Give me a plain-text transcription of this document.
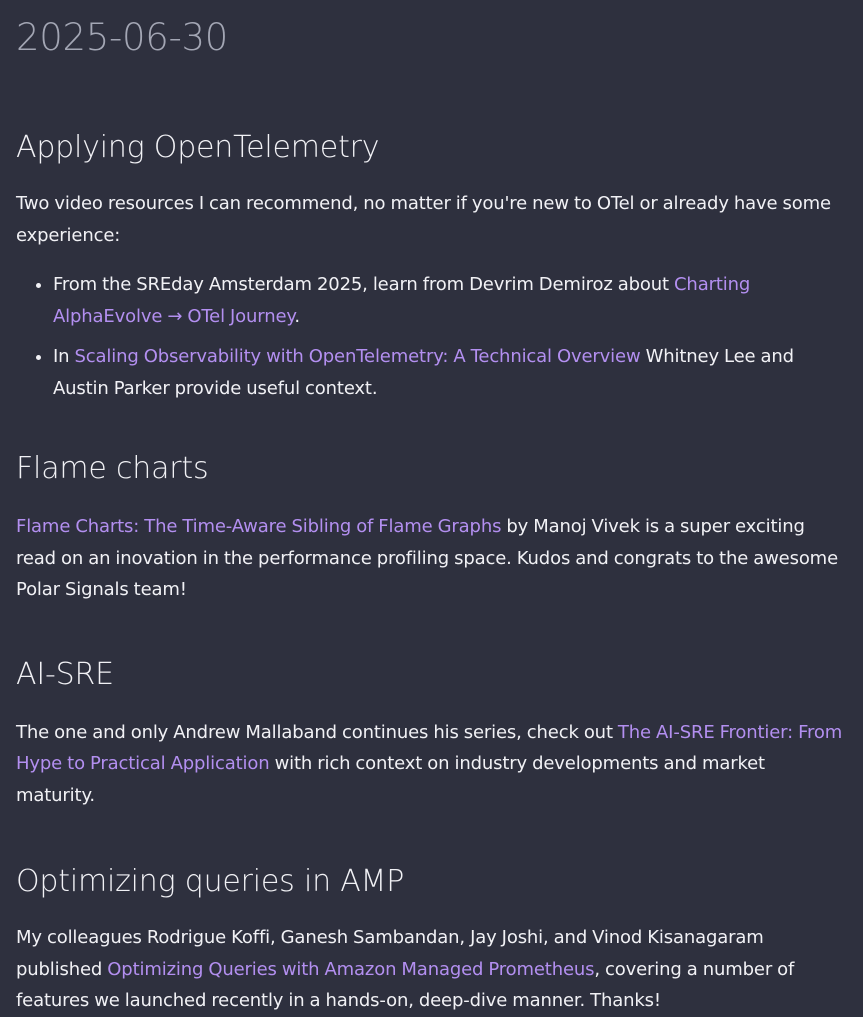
2025-06-30
Applying OpenTelemetry

Two video resources I can recommend, no matter if you're new to OTel or already have some experience:

• From the SREday Amsterdam 2025, learn from Devrim Demiroz about Charting AlphaEvolve → OTel Journey.
• In Scaling Observability with OpenTelemetry: A Technical Overview Whitney Lee and Austin Parker provide useful context.
Flame charts

Flame Charts: The Time-Aware Sibling of Flame Graphs by Manoj Vivek is a super exciting read on an inovation in the performance profiling space. Kudos and congrats to the awesome Polar Signals team!

AI-SRE

The one and only Andrew Mallaband continues his series, check out The AI-SRE Frontier: From Hype to Practical Application with rich context on industry developments and market maturity.

Optimizing queries in AMP

My colleagues Rodrigue Koffi, Ganesh Sambandan, Jay Joshi, and Vinod Kisanagaram published Optimizing Queries with Amazon Managed Prometheus, covering a number of features we launched recently in a hands-on, deep-dive manner. Thanks!
